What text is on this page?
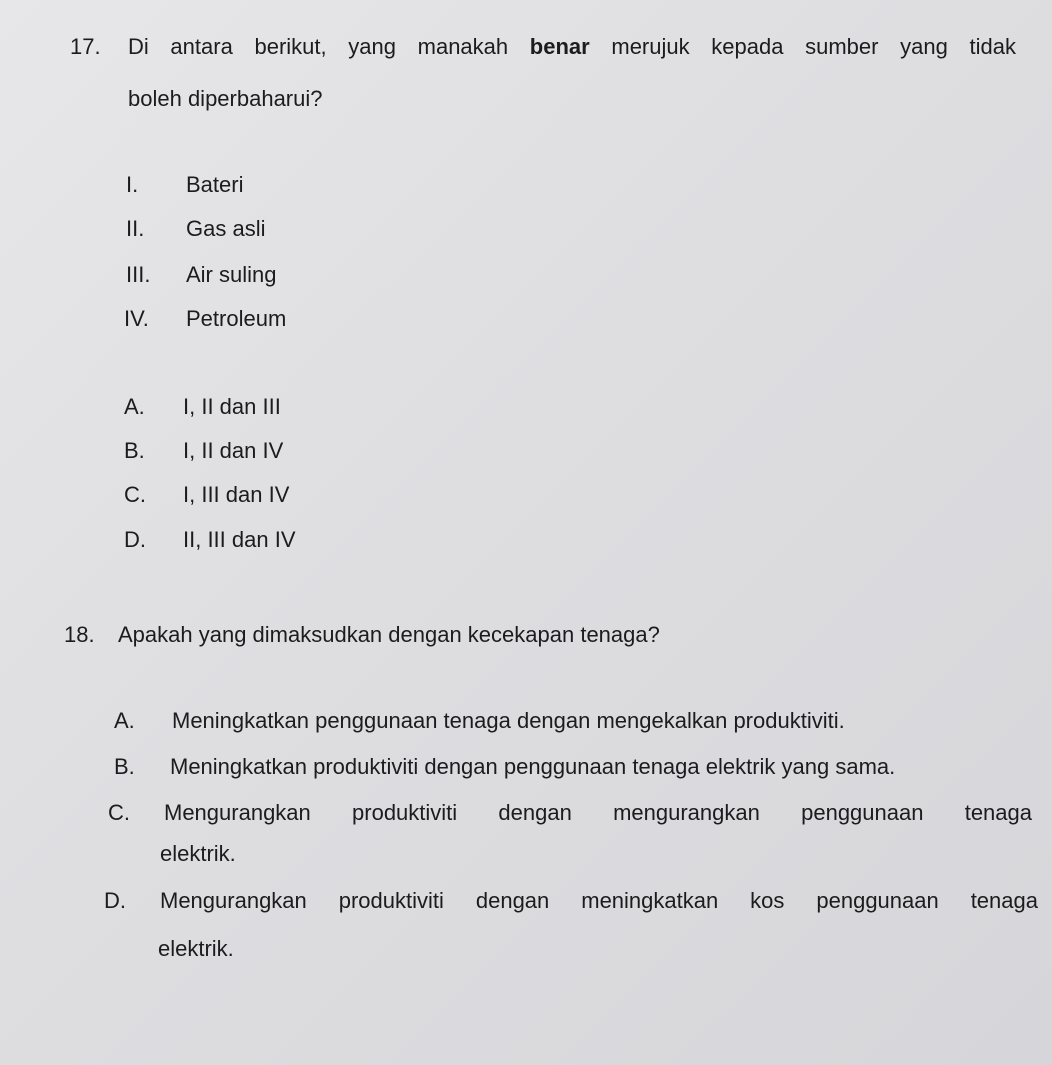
17. Di antara berikut, yang manakah benar merujuk kepada sumber yang tidak
boleh diperbaharui?
I. Bateri
II. Gas asli
III. Air suling
IV. Petroleum
A. I, II dan III
B. I, II dan IV
C. I, III dan IV
D. II, III dan IV
18. Apakah yang dimaksudkan dengan kecekapan tenaga?
A. Meningkatkan penggunaan tenaga dengan mengekalkan produktiviti.
B. Meningkatkan produktiviti dengan penggunaan tenaga elektrik yang sama.
C. Mengurangkan produktiviti dengan mengurangkan penggunaan tenaga
elektrik.
D. Mengurangkan produktiviti dengan meningkatkan kos penggunaan tenaga
elektrik.
